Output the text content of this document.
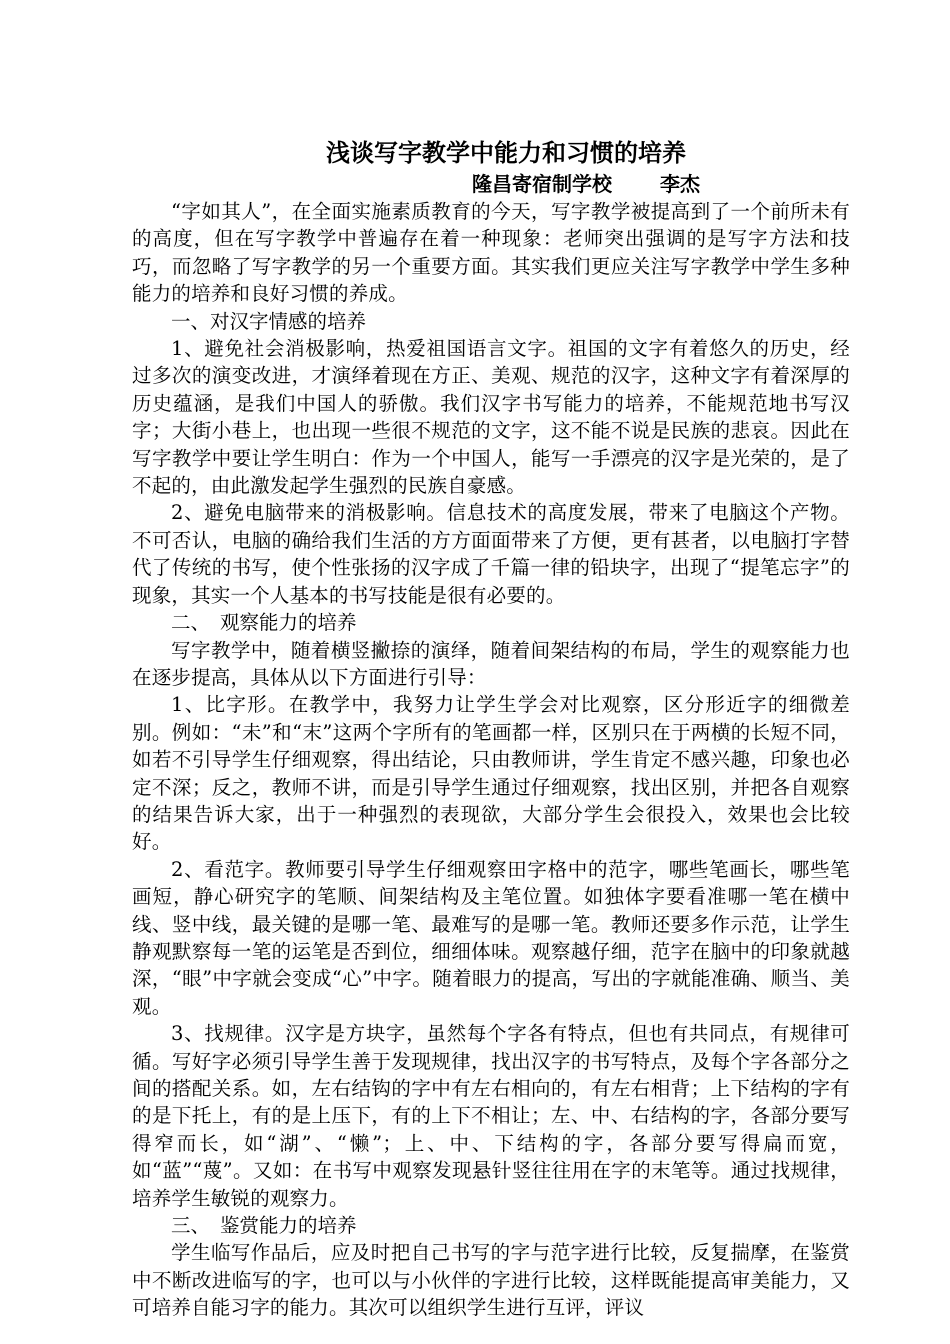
浅谈写字教学中能力和习惯的培养
隆昌寄宿制学校 李杰

“字如其人”，在全面实施素质教育的今天，写字教学被提高到了一个前所未有的高度，但在写字教学中普遍存在着一种现象：老师突出强调的是写字方法和技巧，而忽略了写字教学的另一个重要方面。其实我们更应关注写字教学中学生多种能力的培养和良好习惯的养成。

一、对汉字情感的培养

1、避免社会消极影响，热爱祖国语言文字。祖国的文字有着悠久的历史，经过多次的演变改进，才演绎着现在方正、美观、规范的汉字，这种文字有着深厚的历史蕴涵，是我们中国人的骄傲。我们汉字书写能力的培养，不能规范地书写汉字；大街小巷上，也出现一些很不规范的文字，这不能不说是民族的悲哀。因此在写字教学中要让学生明白：作为一个中国人，能写一手漂亮的汉字是光荣的，是了不起的，由此激发起学生强烈的民族自豪感。

2、避免电脑带来的消极影响。信息技术的高度发展，带来了电脑这个产物。不可否认，电脑的确给我们生活的方方面面带来了方便，更有甚者，以电脑打字替代了传统的书写，使个性张扬的汉字成了千篇一律的铅块字，出现了“提笔忘字”的现象，其实一个人基本的书写技能是很有必要的。

二、 观察能力的培养

写字教学中，随着横竖撇捺的演绎，随着间架结构的布局，学生的观察能力也在逐步提高，具体从以下方面进行引导：

1、比字形。在教学中，我努力让学生学会对比观察，区分形近字的细微差别。例如：“未”和“末”这两个字所有的笔画都一样，区别只在于两横的长短不同，如若不引导学生仔细观察，得出结论，只由教师讲，学生肯定不感兴趣，印象也必定不深；反之，教师不讲，而是引导学生通过仔细观察，找出区别，并把各自观察的结果告诉大家，出于一种强烈的表现欲，大部分学生会很投入，效果也会比较好。

2、看范字。教师要引导学生仔细观察田字格中的范字，哪些笔画长，哪些笔画短，静心研究字的笔顺、间架结构及主笔位置。如独体字要看准哪一笔在横中线、竖中线，最关键的是哪一笔、最难写的是哪一笔。教师还要多作示范，让学生静观默察每一笔的运笔是否到位，细细体味。观察越仔细，范字在脑中的印象就越深，“眼”中字就会变成“心”中字。随着眼力的提高，写出的字就能准确、顺当、美观。

3、找规律。汉字是方块字，虽然每个字各有特点，但也有共同点，有规律可循。写好字必须引导学生善于发现规律，找出汉字的书写特点，及每个字各部分之间的搭配关系。如，左右结钩的字中有左右相向的，有左右相背；上下结构的字有的是下托上，有的是上压下，有的上下不相让；左、中、右结构的字，各部分要写得窄而长，如“湖”、“懒”；上、中、下结构的字，各部分要写得扁而宽，如“蓝”“蔑”。又如：在书写中观察发现悬针竖往往用在字的末笔等。通过找规律，培养学生敏锐的观察力。

三、 鉴赏能力的培养

学生临写作品后，应及时把自己书写的字与范字进行比较，反复揣摩，在鉴赏中不断改进临写的字，也可以与小伙伴的字进行比较，这样既能提高审美能力，又可培养自能习字的能力。其次可以组织学生进行互评，评议
